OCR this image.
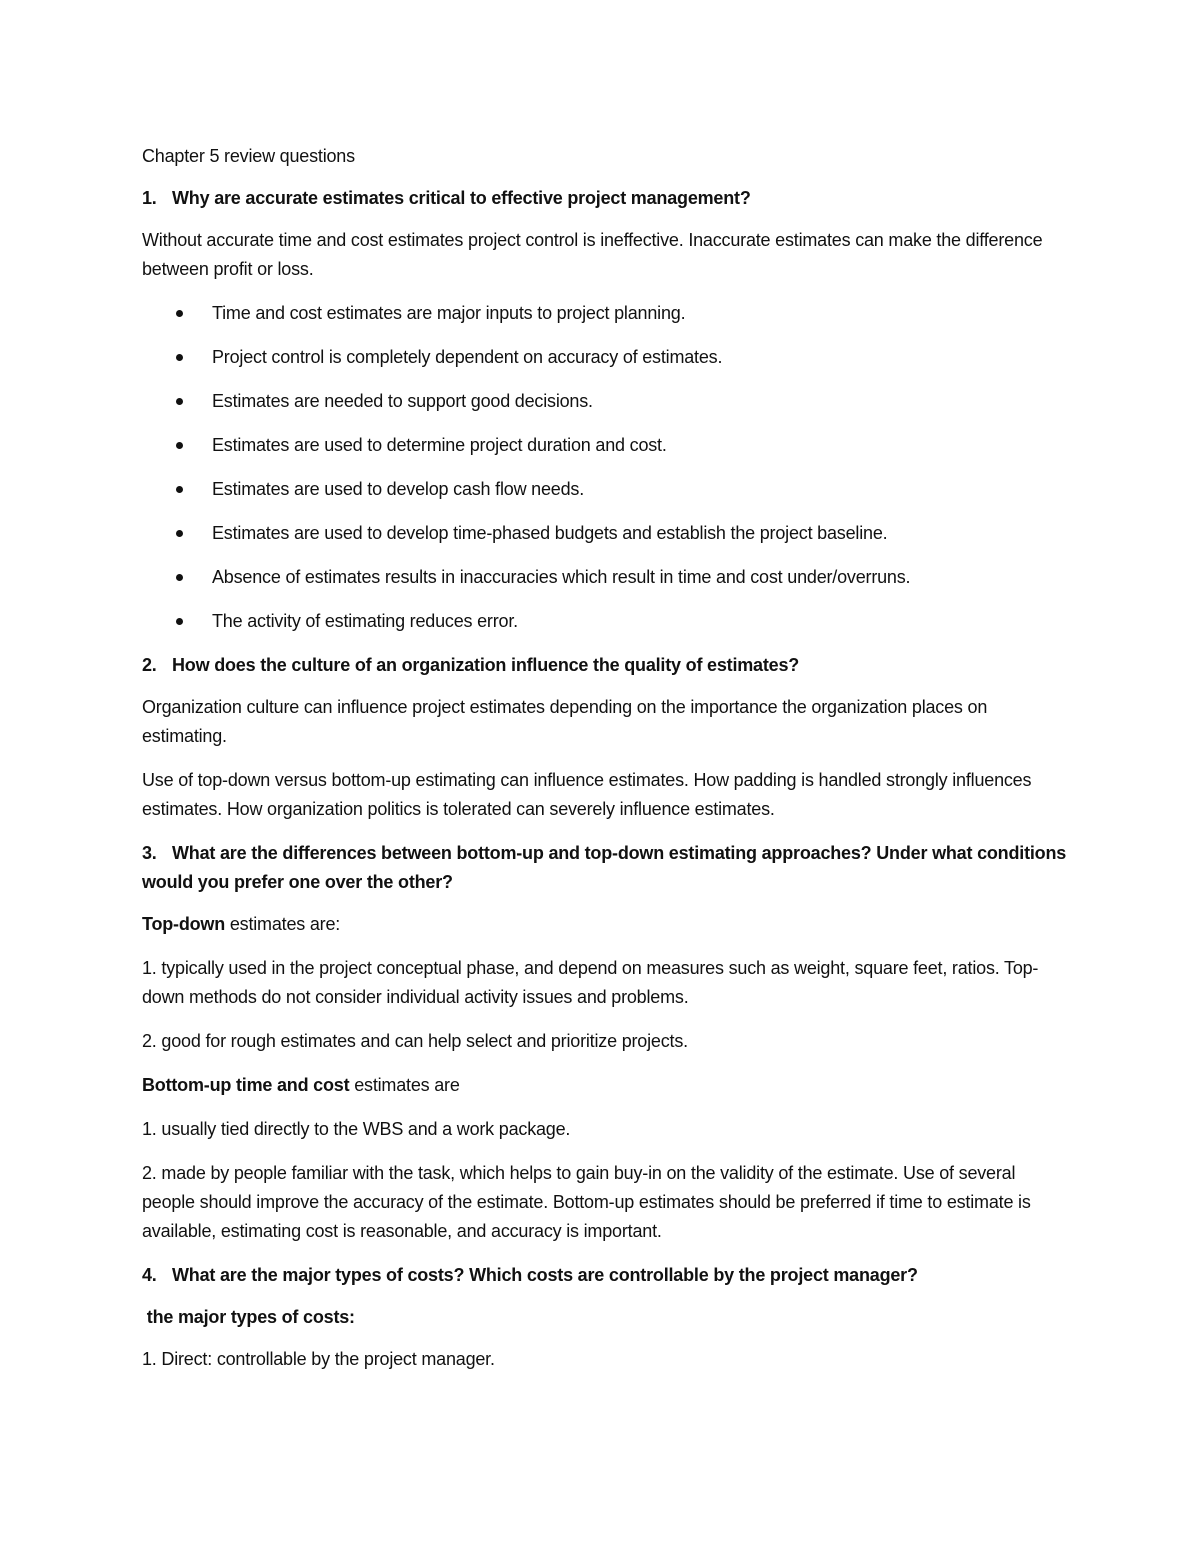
Chapter 5 review questions

1. Why are accurate estimates critical to effective project management?

Without accurate time and cost estimates project control is ineffective. Inaccurate estimates can make the difference between profit or loss.

Time and cost estimates are major inputs to project planning.
Project control is completely dependent on accuracy of estimates.
Estimates are needed to support good decisions.
Estimates are used to determine project duration and cost.
Estimates are used to develop cash flow needs.
Estimates are used to develop time-phased budgets and establish the project baseline.
Absence of estimates results in inaccuracies which result in time and cost under/overruns.
The activity of estimating reduces error.

2. How does the culture of an organization influence the quality of estimates?

Organization culture can influence project estimates depending on the importance the organization places on estimating.

Use of top-down versus bottom-up estimating can influence estimates. How padding is handled strongly influences estimates. How organization politics is tolerated can severely influence estimates.

3. What are the differences between bottom-up and top-down estimating approaches? Under what conditions would you prefer one over the other?

Top-down estimates are:

1. typically used in the project conceptual phase, and depend on measures such as weight, square feet, ratios. Top-down methods do not consider individual activity issues and problems.

2. good for rough estimates and can help select and prioritize projects.

Bottom-up time and cost estimates are

1. usually tied directly to the WBS and a work package.

2. made by people familiar with the task, which helps to gain buy-in on the validity of the estimate. Use of several people should improve the accuracy of the estimate. Bottom-up estimates should be preferred if time to estimate is available, estimating cost is reasonable, and accuracy is important.

4. What are the major types of costs? Which costs are controllable by the project manager?

the major types of costs:

1. Direct: controllable by the project manager.
